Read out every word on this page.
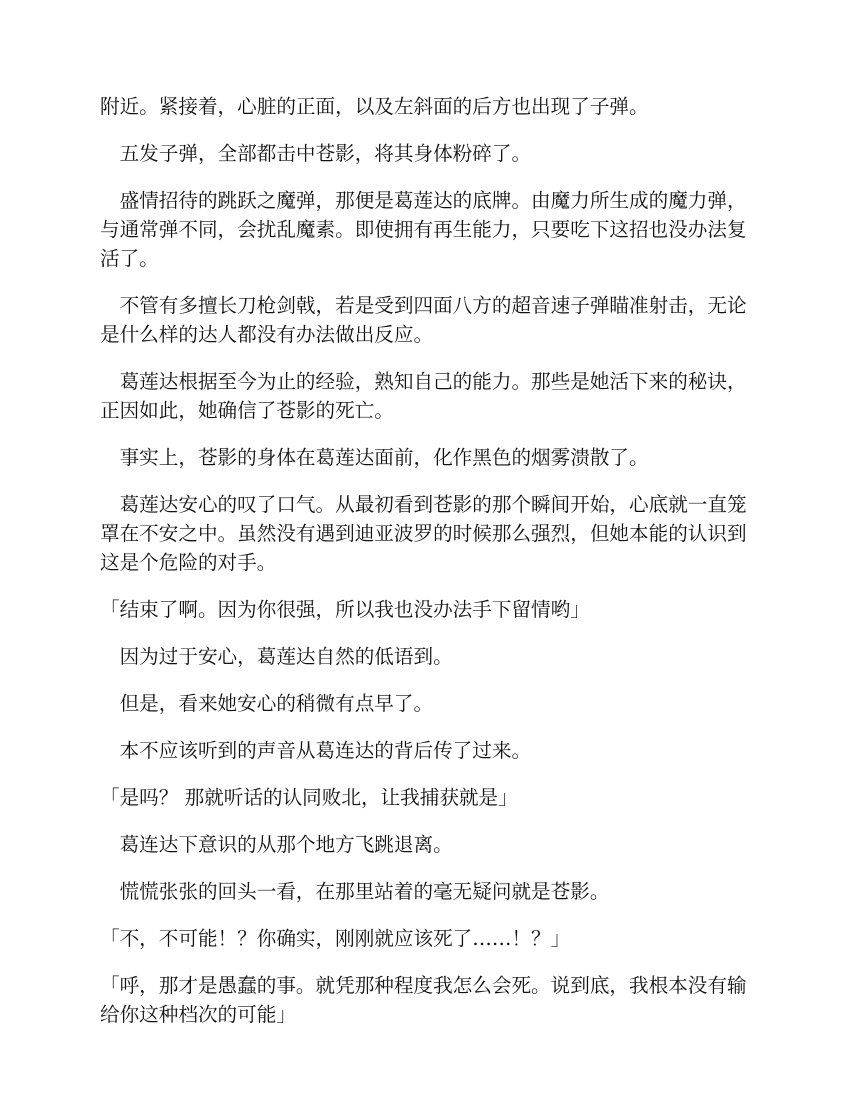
附近。紧接着，心脏的正面，以及左斜面的后方也出现了子弹。

五发子弹，全部都击中苍影，将其身体粉碎了。

盛情招待的跳跃之魔弹，那便是葛莲达的底牌。由魔力所生成的魔力弹，与通常弹不同，会扰乱魔素。即使拥有再生能力，只要吃下这招也没办法复活了。

不管有多擅长刀枪剑戟，若是受到四面八方的超音速子弹瞄准射击，无论是什么样的达人都没有办法做出反应。

葛莲达根据至今为止的经验，熟知自己的能力。那些是她活下来的秘诀，正因如此，她确信了苍影的死亡。

事实上，苍影的身体在葛莲达面前，化作黑色的烟雾溃散了。

葛莲达安心的叹了口气。从最初看到苍影的那个瞬间开始，心底就一直笼罩在不安之中。虽然没有遇到迪亚波罗的时候那么强烈，但她本能的认识到这是个危险的对手。

「结束了啊。因为你很强，所以我也没办法手下留情哟」

因为过于安心，葛莲达自然的低语到。

但是，看来她安心的稍微有点早了。

本不应该听到的声音从葛连达的背后传了过来。

「是吗？ 那就听话的认同败北，让我捕获就是」

葛连达下意识的从那个地方飞跳退离。

慌慌张张的回头一看，在那里站着的毫无疑问就是苍影。

「不，不可能！？你确实，刚刚就应该死了……！？」

「呼，那才是愚蠢的事。就凭那种程度我怎么会死。说到底，我根本没有输给你这种档次的可能」
